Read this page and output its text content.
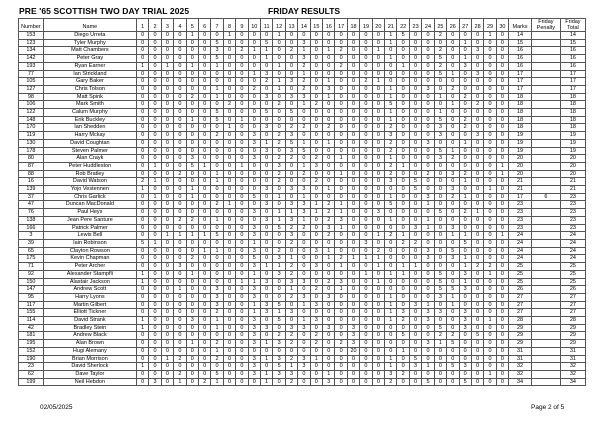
PRE '65 SCOTTISH TWO DAY TRIAL 2025	FRIDAY RESULTS
Number	Name	1	2	3	4	5	6	7	8	9	10	11	12	13	14	15	16	17	18	19	20	21	22	23	24	25	26	27	28	29	30	Marks	Friday Penalty	Friday Total
153	Diego Urreta	0	0	0	0	1	0	0	1	0	0	0	1	0	0	0	0	0	0	0	0	1	5	0	0	2	0	0	0	1	0	14		14
123	Tyler Murphy	0	0	0	0	0	0	5	0	0	0	5	0	0	3	0	0	0	0	0	0	1	0	0	0	0	0	1	0	0	0	15		15
134	Matt Chambers	0	0	0	0	0	0	3	0	2	1	1	0	2	1	0	1	2	0	0	1	0	0	0	0	2	0	0	3	0	0	16		16
142	Peter Gray	0	0	0	0	0	0	5	0	0	0	1	0	0	3	0	0	0	0	0	0	1	0	0	0	5	0	1	0	0	0	16		16
193	Ryan Earner	1	0	1	0	1	0	1	0	0	0	0	1	0	2	0	0	2	0	0	0	0	1	0	0	2	0	3	0	0	0	16		16
77	Ian Strickland	0	0	0	0	0	0	0	0	0	1	3	0	0	1	0	0	0	0	0	0	0	0	0	0	5	1	0	3	0	0	17		17
105	Gary Baker	0	0	0	0	0	0	0	0	0	0	2	1	3	2	0	1	0	0	2	1	0	0	0	0	0	0	0	0	0	0	17		17
127	Chris Tolson	0	0	0	0	0	0	1	0	0	2	0	1	0	2	0	3	0	0	0	0	1	0	0	3	0	2	0	0	0	0	17		17
98	Matt Spink	0	0	0	0	2	0	1	0	0	0	3	0	3	3	0	1	0	0	0	0	1	0	0	0	1	0	2	0	0	0	18		18
106	Mark Smith	0	0	0	0	0	0	0	2	0	0	0	2	0	1	2	0	0	0	0	0	5	0	0	0	0	1	0	2	0	0	18		18
122	Calum Murphy	0	0	0	0	0	0	5	0	0	0	5	0	5	0	0	0	0	0	0	0	1	0	0	0	1	0	0	0	0	0	18		18
148	Erik Buckley	0	0	0	0	1	0	5	0	1	0	0	0	0	0	0	0	0	0	0	0	1	0	0	0	5	0	2	0	0	0	18		18
170	Ian Shedden	0	0	0	0	0	0	0	1	0	0	3	0	2	2	0	2	0	0	0	0	2	0	0	0	3	0	2	0	0	0	18		18
119	Harry Mckay	0	0	0	0	0	0	2	0	0	3	0	2	3	0	0	0	0	0	0	0	3	0	0	0	3	0	0	3	0	0	19		19
130	David Coughtan	0	0	0	0	0	0	0	0	0	3	1	2	5	1	0	1	0	0	0	0	2	0	0	3	0	0	1	0	0	0	19		19
178	Steven Palmer	0	0	0	0	0	0	0	0	0	0	3	0	3	5	0	0	0	0	0	0	2	0	0	0	5	1	0	0	0	0	19		19
80	Alan Crayk	0	0	0	0	3	0	0	0	0	3	0	2	2	0	2	0	1	0	0	0	1	0	0	0	3	2	0	0	0	0	20		20
87	Peter Huddleston	0	1	0	0	5	1	0	0	1	0	0	3	0	1	3	0	0	0	0	0	2	1	0	0	0	0	0	0	0	1	20		20
88	Rob Bratley	0	0	0	2	0	0	1	0	0	0	0	2	0	2	0	0	1	0	0	0	2	0	0	2	0	3	2	0	0	1	20		20
16	David Watson	2	1	0	0	0	0	1	0	0	0	0	2	0	0	2	0	0	0	0	0	3	0	5	0	0	0	1	0	0	0	21		21
139	Yojo Vestennen	1	0	0	0	1	0	0	0	0	0	3	0	3	3	0	1	0	0	0	0	0	0	5	0	0	3	0	0	1	0	21		21
37	Chris Garlick	0	1	0	0	1	0	0	0	0	5	0	1	0	1	0	0	0	0	0	0	1	0	0	3	0	2	1	0	0	0	17	6	23
47	Duncan MacDonald	0	0	0	0	0	0	2	1	0	0	3	0	3	3	1	2	1	0	0	0	5	0	0	1	0	0	0	0	0	0	23		23
76	Paul Heys	0	0	0	0	0	0	0	0	0	3	0	1	1	3	1	2	1	0	0	3	0	0	0	0	5	0	2	1	0	0	23		23
138	Jean Pere Santure	0	0	0	2	2	0	1	0	0	0	3	1	3	1	0	2	3	0	0	0	1	0	0	1	0	0	0	0	0	0	23		23
166	Patrick Palmer	0	0	0	0	0	0	0	0	0	3	0	5	2	2	0	3	1	0	0	0	0	0	3	1	0	3	0	0	0	0	23		23
3	Lewis Bell	0	0	1	1	1	1	5	0	0	3	0	0	3	0	0	2	0	0	0	1	2	1	0	0	0	1	1	0	0	1	24		24
39	Iain Robinson	5	1	0	0	0	0	0	0	0	1	0	0	2	0	0	0	0	0	3	0	0	2	2	0	0	0	5	0	0	0	24		24
65	Clayton Rowson	0	0	0	0	0	1	1	0	0	3	0	2	0	0	3	1	0	0	0	2	0	0	0	3	0	5	0	0	0	0	24		24
175	Kevin Chapman	0	0	0	0	2	0	0	0	0	5	0	3	1	0	0	1	2	1	1	1	0	0	0	3	0	3	1	0	0	0	24		24
71	Peter Archer	0	0	0	3	0	0	0	0	0	3	1	1	2	0	3	0	1	0	0	1	0	1	1	0	0	0	1	2	2	0	25		25
92	Alexander Stampfli	1	0	0	0	1	0	0	0	0	1	0	3	2	0	0	0	0	0	1	0	1	1	0	0	5	0	3	0	1	0	25		25
150	Alastair Jackson	1	0	0	0	0	0	0	0	1	1	3	0	3	3	0	2	3	0	0	1	0	0	0	0	5	0	1	0	0	0	25		25
147	Andrew Scott	0	0	0	1	0	0	3	0	0	3	0	0	1	0	2	0	1	0	0	0	0	0	0	0	5	5	3	0	0	0	26		26
95	Harry Lyons	0	0	0	0	0	0	3	0	0	3	0	0	2	3	0	3	0	0	0	0	1	0	0	0	3	1	0	0	0	0	27		27
117	Martin Gilbert	0	0	0	0	0	0	3	0	0	1	3	5	0	1	3	0	0	0	0	0	1	0	3	1	0	1	0	0	0	0	27		27
155	Elliott Tickner	0	0	0	0	0	0	2	0	0	1	3	1	3	0	0	0	0	0	0	0	1	3	0	3	3	0	3	0	0	0	27		27
114	David Strank	1	0	0	0	3	0	1	0	0	3	0	5	0	1	3	0	0	0	0	0	1	2	0	3	0	0	3	0	1	0	28		28
42	Bradley Stein	1	0	0	0	0	0	1	0	0	3	3	0	3	3	0	3	0	3	0	0	0	0	0	0	5	0	3	0	0	0	29		29
181	Andrew Black	0	0	0	0	0	0	0	0	0	3	0	2	2	0	2	0	0	3	0	0	0	5	0	0	2	2	0	5	0	0	29		29
195	Alan Brown	0	0	0	0	1	0	2	0	0	3	1	3	2	0	2	0	2	3	0	0	0	0	0	3	1	5	0	0	0	0	29		29
152	Hugi Alemany	0	0	0	0	0	0	1	0	0	0	0	0	0	0	0	0	0	20	0	0	0	1	0	0	0	0	0	0	0	0	31		31
190	Brian Morrison	0	0	1	2	0	0	2	0	0	3	1	3	2	3	1	0	0	0	0	0	1	0	5	0	0	0	0	0	0	0	31		31
23	David Sherlock	1	0	0	0	0	0	0	0	0	3	0	5	1	3	0	0	0	0	0	0	1	0	3	1	0	5	3	0	0	0	32		32
62	Dave Taylor	0	0	0	2	0	0	5	0	0	3	1	3	3	0	0	1	0	0	0	0	3	2	0	0	0	0	0	0	1	0	32		32
199	Neil Hebdon	0	3	0	1	0	2	1	0	0	0	1	0	2	0	0	3	0	0	0	0	2	0	0	5	0	0	5	0	0	0	34		34
02/05/2025	Page 2 of 5
